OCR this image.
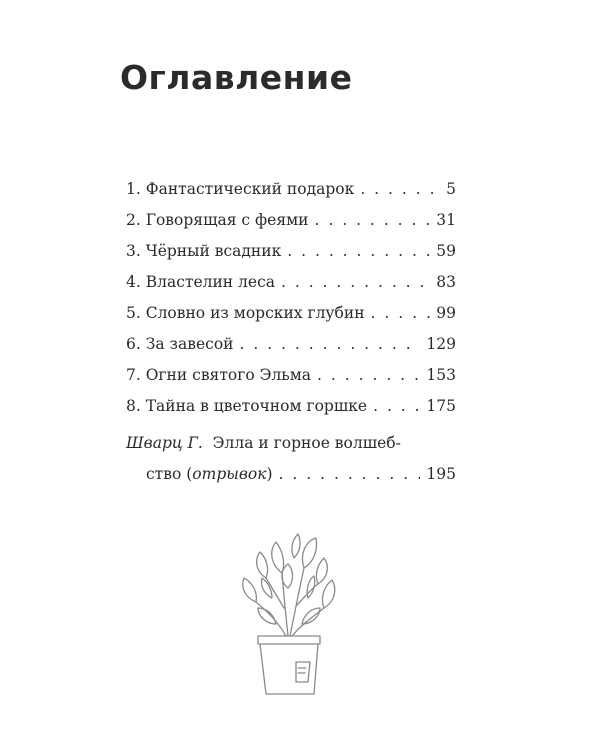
Оглавление
1. Фантастический подарок . . .	5
2. Говорящая с феями . . .	31
3. Чёрный всадник . . .	59
4. Властелин леса . . .	83
5. Словно из морских глубин . . .	99
6. За завесой . . .	129
7. Огни святого Эльма . . .	153
8. Тайна в цветочном горшке . . .	175
Шварц Г. Элла и горное волшеб-
ство (отрывок) . . .	195
